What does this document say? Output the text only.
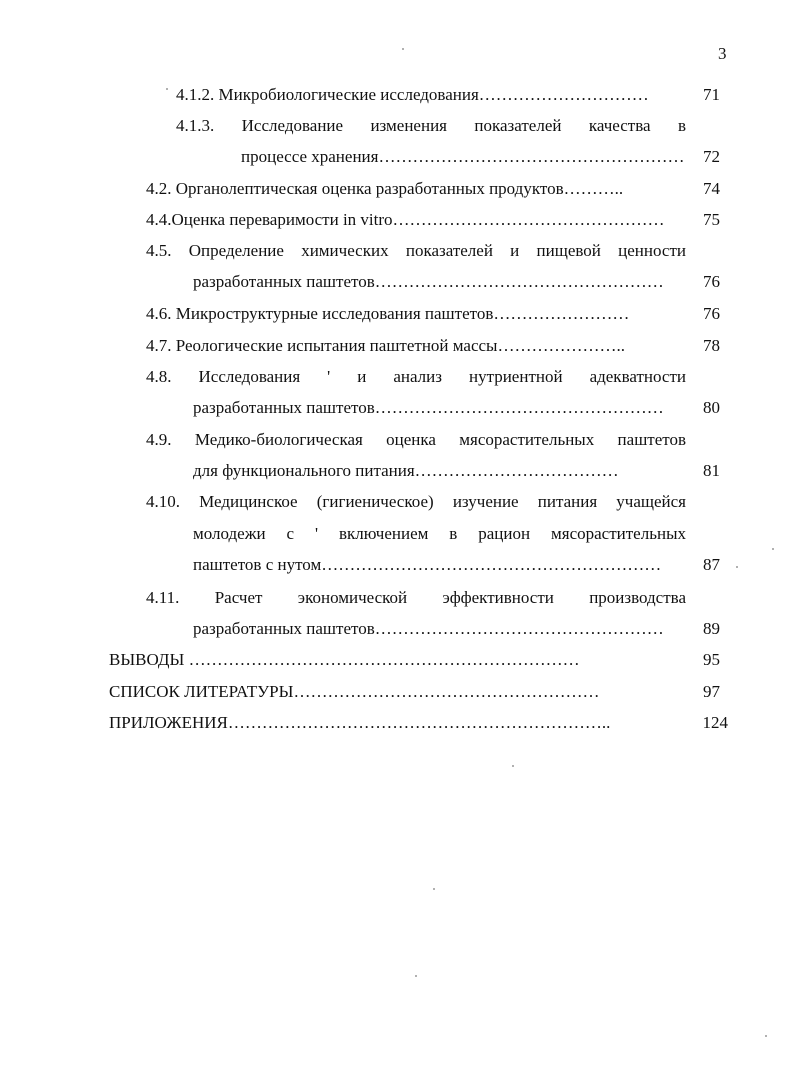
3
4.1.2. Микробиологические исследования…………………………	71
4.1.3. Исследование изменения показателей качества в
процессе хранения………………………………………………	72
4.2. Органолептическая оценка разработанных продуктов………..	74
4.4.Оценка переваримости in vitro…………………………………………	75
4.5. Определение химических показателей и пищевой ценности
разработанных паштетов……………………………………………	76
4.6. Микроструктурные исследования паштетов……………………	76
4.7. Реологические испытания паштетной массы…………………..	78
4.8. Исследования ' и анализ нутриентной адекватности
разработанных паштетов……………………………………………	80
4.9. Медико-биологическая оценка мясорастительных паштетов
для функционального питания………………………………	81
4.10. Медицинское (гигиеническое) изучение питания учащейся
молодежи с ' включением в рацион мясорастительных
паштетов с нутом……………………………………………………	87
4.11. Расчет экономической эффективности производства
разработанных паштетов……………………………………………	89
ВЫВОДЫ ……………………………………………………………	95
СПИСОК ЛИТЕРАТУРЫ………………………………………………	97
ПРИЛОЖЕНИЯ…………………………………………………………..	124
